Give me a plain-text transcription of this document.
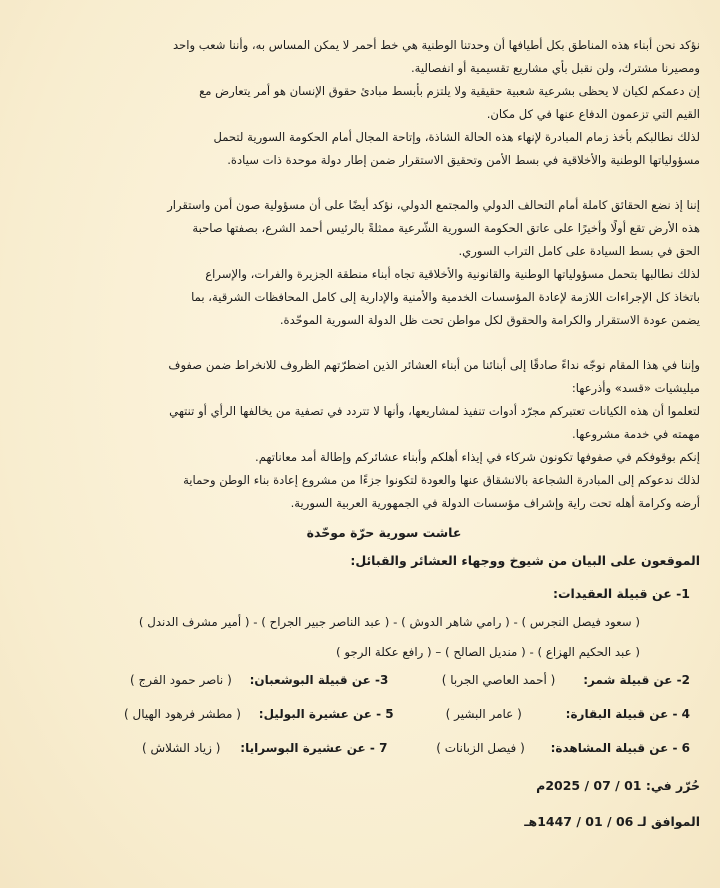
نؤكد نحن أبناء هذه المناطق بكل أطيافها أن وحدتنا الوطنية هي خط أحمر لا يمكن المساس به، وأننا شعب واحد
ومصيرنا مشترك، ولن نقبل بأي مشاريع تقسيمية أو انفصالية.
إن دعمكم لكيان لا يحظى بشرعية شعبية حقيقية ولا يلتزم بأبسط مبادئ حقوق الإنسان هو أمر يتعارض مع
القيم التي تزعمون الدفاع عنها في كل مكان.
لذلك نطالبكم بأخذ زمام المبادرة لإنهاء هذه الحالة الشاذة، وإتاحة المجال أمام الحكومة السورية لتحمل
مسؤولياتها الوطنية والأخلاقية في بسط الأمن وتحقيق الاستقرار ضمن إطار دولة موحدة ذات سيادة.
إننا إذ نضع الحقائق كاملة أمام التحالف الدولي والمجتمع الدولي، نؤكد أيضًا على أن مسؤولية صون أمن واستقرار
هذه الأرض تقع أولًا وأخيرًا على عاتق الحكومة السورية الشّرعية ممثلةً بالرئيس أحمد الشرع، بصفتها صاحبة
الحق في بسط السيادة على كامل التراب السوري.
لذلك نطالبها بتحمل مسؤولياتها الوطنية والقانونية والأخلاقية تجاه أبناء منطقة الجزيرة والفرات، والإسراع
باتخاذ كل الإجراءات اللازمة لإعادة المؤسسات الخدمية والأمنية والإدارية إلى كامل المحافظات الشرقية، بما
يضمن عودة الاستقرار والكرامة والحقوق لكل مواطن تحت ظل الدولة السورية الموحّدة.
وإننا في هذا المقام نوجّه نداءً صادقًا إلى أبنائنا من أبناء العشائر الذين اضطرّتهم الظروف للانخراط ضمن صفوف
ميليشيات «قسد» وأذرعها:
لتعلموا أن هذه الكيانات تعتبركم مجرّد أدوات تنفيذ لمشاريعها، وأنها لا تتردد في تصفية من يخالفها الرأي أو تنتهي
مهمته في خدمة مشروعها.
إنكم بوقوفكم في صفوفها تكونون شركاء في إيذاء أهلكم وأبناء عشائركم وإطالة أمد معاناتهم.
لذلك ندعوكم إلى المبادرة الشجاعة بالانشقاق عنها والعودة لتكونوا جزءًا من مشروع إعادة بناء الوطن وحماية
أرضه وكرامة أهله تحت راية وإشراف مؤسسات الدولة في الجمهورية العربية السورية.
عاشت سورية حرّة موحّدة
الموقعون على البيان من شيوخ ووجهاء العشائر والقبائل:
1- عن قبيلة العقيدات:
( سعود فيصل النجرس ) - ( رامي شاهر الدوش ) - ( عبد الناصر جبير الجراح ) - ( أمير مشرف الدندل )
( عبد الحكيم الهزاع ) - ( منديل الصالح ) – ( رافع عكلة الرجو )
2- عن قبيلة شمر: ( أحمد العاصي الجربا )
3- عن قبيلة البوشعبان: ( ناصر حمود الفرج )
4 - عن قبيلة البقارة: ( عامر البشير )
5 - عن عشيرة البوليل: ( مطشر فرهود الهيال )
6 - عن قبيلة المشاهدة: ( فيصل الزبانات )
7 - عن عشيرة البوسرايا: ( زياد الشلاش )
حُرّر في: 01 / 07 / 2025م
الموافق لـ 06 / 01 / 1447هـ
